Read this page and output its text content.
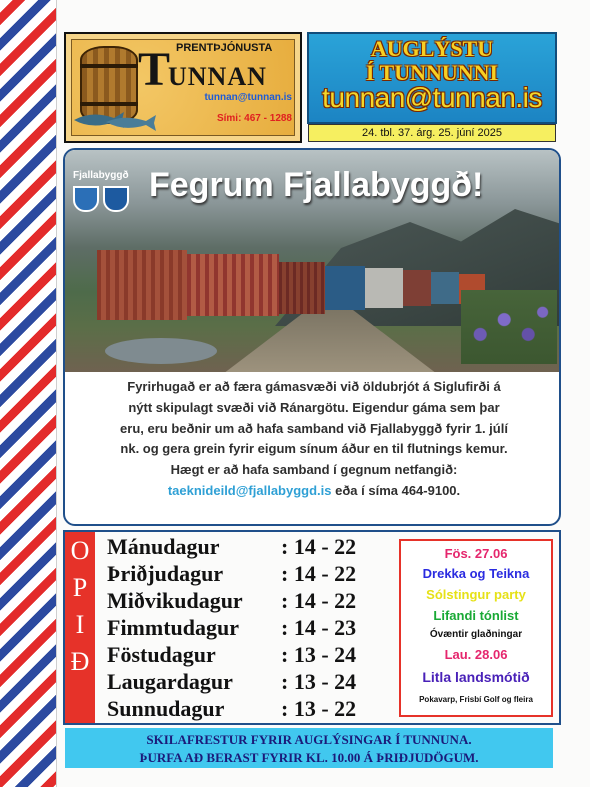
T PRENTÞJÓNUSTA
UNNAN
tunnan@tunnan.is
Sími: 467 - 1288
AUGLÝSTU
Í TUNNUNNI
tunnan@tunnan.is
24. tbl. 37. árg. 25. júní 2025
Fjallabyggð Fegrum Fjallabyggð!
Fyrirhugað er að færa gámasvæði við öldubrjót á Siglufirði á
nýtt skipulagt svæði við Ránargötu. Eigendur gáma sem þar
eru, eru beðnir um að hafa samband við Fjallabyggð fyrir 1. júlí
nk. og gera grein fyrir eigum sínum áður en til flutnings kemur.
Hægt er að hafa samband í gegnum netfangið:
taeknideild@fjallabyggd.is eða í síma 464-9100.
O
P
I
Ð
Mánudagur	: 14 - 22
Þriðjudagur	: 14 - 22
Miðvikudagur : 14 - 22
Fimmtudagur : 14 - 23
Föstudagur	: 13 - 24
Laugardagur : 13 - 24
Sunnudagur	: 13 - 22
Fös. 27.06
Drekka og Teikna
Sólstingur party
Lifandi tónlist
Óvæntir glaðningar
Lau. 28.06
Litla landsmótið
Pokavarp, Frisbí Golf og fleira
SKILAFRESTUR FYRIR AUGLÝSINGAR Í TUNNUNA.
ÞURFA AÐ BERAST FYRIR KL. 10.00 Á ÞRIÐJUDÖGUM.
